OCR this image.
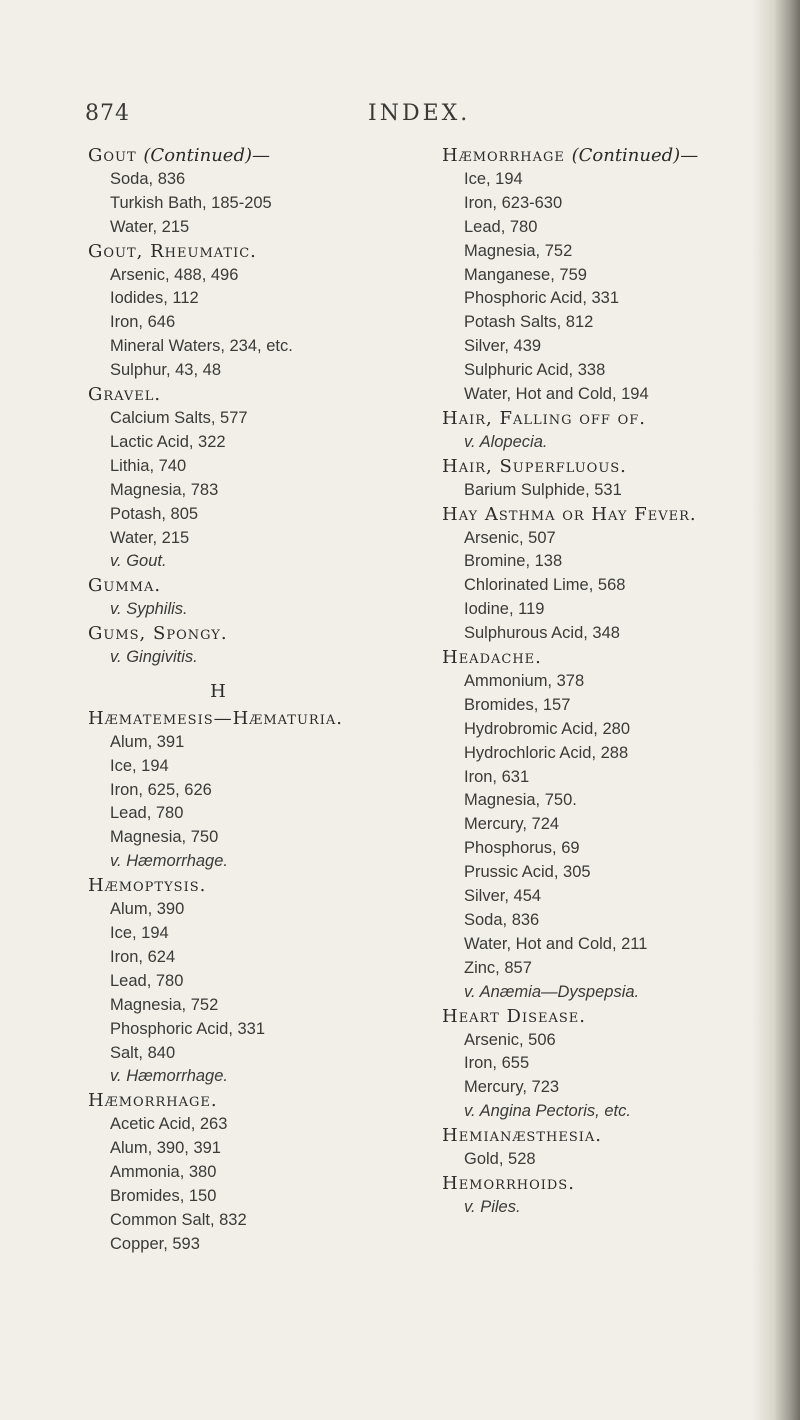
874	INDEX.
Gout (Continued)—
Soda, 836
Turkish Bath, 185-205
Water, 215
Gout, Rheumatic.
Arsenic, 488, 496
Iodides, 112
Iron, 646
Mineral Waters, 234, etc.
Sulphur, 43, 48
Gravel.
Calcium Salts, 577
Lactic Acid, 322
Lithia, 740
Magnesia, 783
Potash, 805
Water, 215
v. Gout.
Gumma.
v. Syphilis.
Gums, Spongy.
v. Gingivitis.
H
Hæmatemesis—Hæmaturia.
Alum, 391
Ice, 194
Iron, 625, 626
Lead, 780
Magnesia, 750
v. Hæmorrhage.
Hæmoptysis.
Alum, 390
Ice, 194
Iron, 624
Lead, 780
Magnesia, 752
Phosphoric Acid, 331
Salt, 840
v. Hæmorrhage.
Hæmorrhage.
Acetic Acid, 263
Alum, 390, 391
Ammonia, 380
Bromides, 150
Common Salt, 832
Copper, 593
Hæmorrhage (Continued)—
Ice, 194
Iron, 623-630
Lead, 780
Magnesia, 752
Manganese, 759
Phosphoric Acid, 331
Potash Salts, 812
Silver, 439
Sulphuric Acid, 338
Water, Hot and Cold, 194
Hair, Falling off of.
v. Alopecia.
Hair, Superfluous.
Barium Sulphide, 531
Hay Asthma or Hay Fever.
Arsenic, 507
Bromine, 138
Chlorinated Lime, 568
Iodine, 119
Sulphurous Acid, 348
Headache.
Ammonium, 378
Bromides, 157
Hydrobromic Acid, 280
Hydrochloric Acid, 288
Iron, 631
Magnesia, 750.
Mercury, 724
Phosphorus, 69
Prussic Acid, 305
Silver, 454
Soda, 836
Water, Hot and Cold, 211
Zinc, 857
v. Anæmia—Dyspepsia.
Heart Disease.
Arsenic, 506
Iron, 655
Mercury, 723
v. Angina Pectoris, etc.
Hemianæsthesia.
Gold, 528
Hemorrhoids.
v. Piles.
